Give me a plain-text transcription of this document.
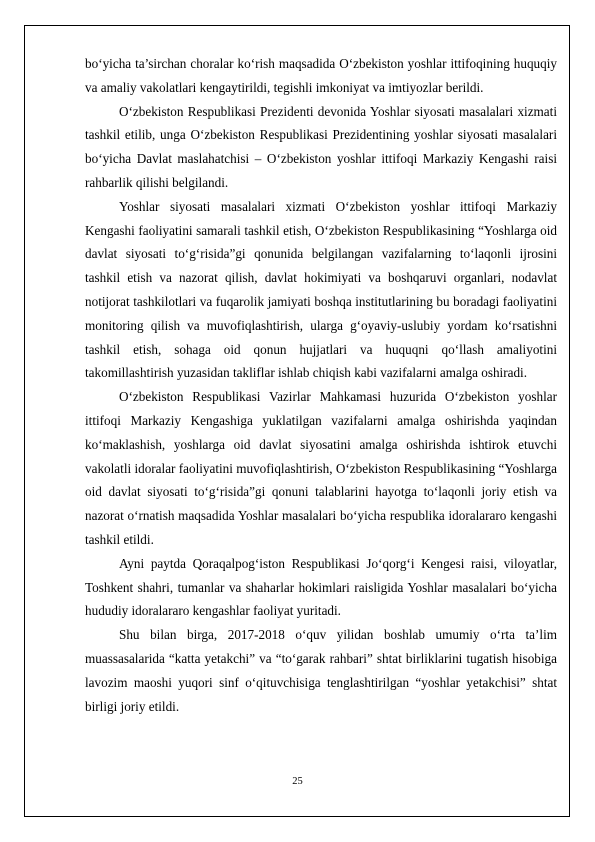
bo‘yicha ta’sirchan choralar ko‘rish maqsadida O‘zbekiston yoshlar ittifoqining huquqiy va amaliy vakolatlari kengaytirildi, tegishli imkoniyat va imtiyozlar berildi.

O‘zbekiston Respublikasi Prezidenti devonida Yoshlar siyosati masalalari xizmati tashkil etilib, unga O‘zbekiston Respublikasi Prezidentining yoshlar siyosati masalalari bo‘yicha Davlat maslahatchisi – O‘zbekiston yoshlar ittifoqi Markaziy Kengashi raisi rahbarlik qilishi belgilandi.

Yoshlar siyosati masalalari xizmati O‘zbekiston yoshlar ittifoqi Markaziy Kengashi faoliyatini samarali tashkil etish, O‘zbekiston Respublikasining “Yoshlarga oid davlat siyosati to‘g‘risida”gi qonunida belgilangan vazifalarning to‘laqonli ijrosini tashkil etish va nazorat qilish, davlat hokimiyati va boshqaruvi organlari, nodavlat notijorat tashkilotlari va fuqarolik jamiyati boshqa institutlarining bu boradagi faoliyatini monitoring qilish va muvofiqlashtirish, ularga g‘oyaviy-uslubiy yordam ko‘rsatishni tashkil etish, sohaga oid qonun hujjatlari va huquqni qo‘llash amaliyotini takomillashtirish yuzasidan takliflar ishlab chiqish kabi vazifalarni amalga oshiradi.

O‘zbekiston Respublikasi Vazirlar Mahkamasi huzurida O‘zbekiston yoshlar ittifoqi Markaziy Kengashiga yuklatilgan vazifalarni amalga oshirishda yaqindan ko‘maklashish, yoshlarga oid davlat siyosatini amalga oshirishda ishtirok etuvchi vakolatli idoralar faoliyatini muvofiqlashtirish, O‘zbekiston Respublikasining “Yoshlarga oid davlat siyosati to‘g‘risida”gi qonuni talablarini hayotga to‘laqonli joriy etish va nazorat o‘rnatish maqsadida Yoshlar masalalari bo‘yicha respublika idoralararo kengashi tashkil etildi.

Ayni paytda Qoraqalpog‘iston Respublikasi Jo‘qorg‘i Kengesi raisi, viloyatlar, Toshkent shahri, tumanlar va shaharlar hokimlari raisligida Yoshlar masalalari bo‘yicha hududiy idoralararo kengashlar faoliyat yuritadi.

Shu bilan birga, 2017-2018 o‘quv yilidan boshlab umumiy o‘rta ta’lim muassasalarida “katta yetakchi” va “to‘garak rahbari” shtat birliklarini tugatish hisobiga lavozim maoshi yuqori sinf o‘qituvchisiga tenglashtirilgan “yoshlar yetakchisi” shtat birligi joriy etildi.

25
